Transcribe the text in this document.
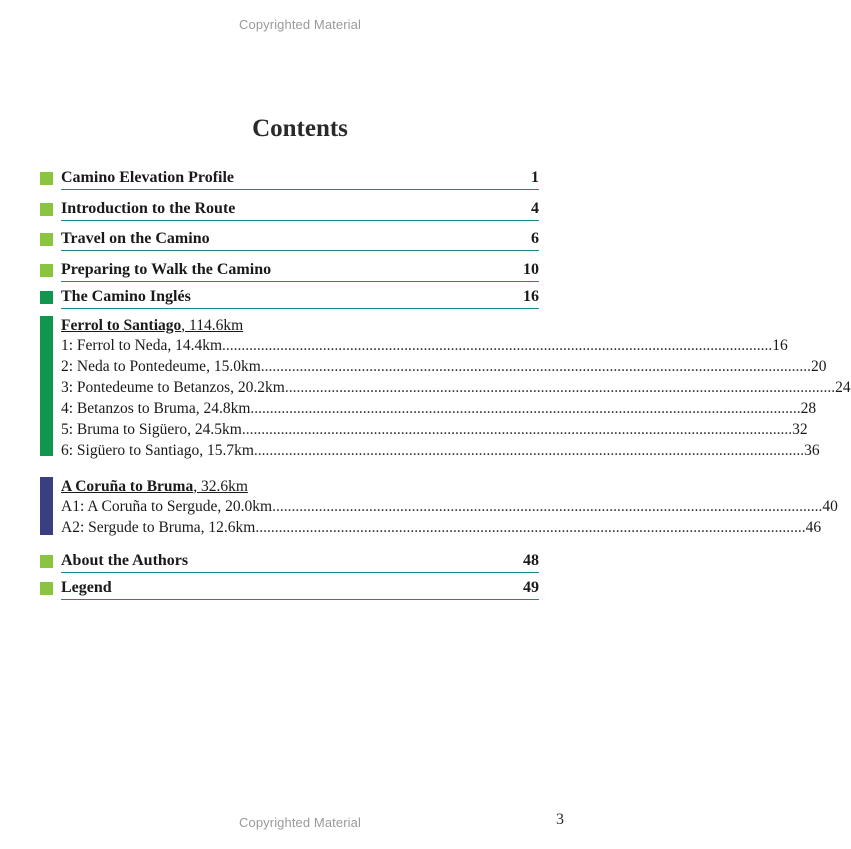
Copyrighted Material
Contents
Camino Elevation Profile	1
Introduction to the Route	4
Travel on the Camino	6
Preparing to Walk the Camino	10
The Camino Inglés	16
Ferrol to Santiago, 114.6km
1: Ferrol to Neda, 14.4km .............................................................................................................................................. 16
2: Neda to Pontedeume, 15.0km .............................................................................................................................................. 20
3: Pontedeume to Betanzos, 20.2km .............................................................................................................................................. 24
4: Betanzos to Bruma, 24.8km .............................................................................................................................................. 28
5: Bruma to Sigüero, 24.5km .............................................................................................................................................. 32
6: Sigüero to Santiago, 15.7km .............................................................................................................................................. 36
A Coruña to Bruma, 32.6km
A1: A Coruña to Sergude, 20.0km .............................................................................................................................................. 40
A2: Sergude to Bruma, 12.6km .............................................................................................................................................. 46
About the Authors	48
Legend	49
Copyrighted Material	3
